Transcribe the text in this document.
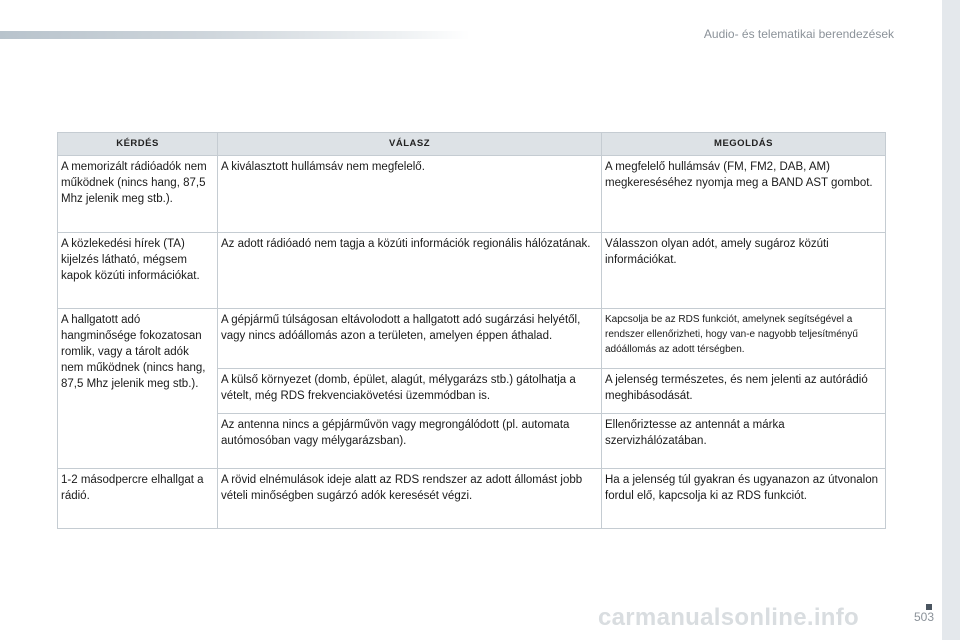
Audio- és telematikai berendezések
KÉRDÉS	VÁLASZ	MEGOLDÁS
A memorizált rádióadók nem működnek (nincs hang, 87,5 Mhz jelenik meg stb.).	A kiválasztott hullámsáv nem megfelelő.	A megfelelő hullámsáv (FM, FM2, DAB, AM) megkereséséhez nyomja meg a BAND AST gombot.
A közlekedési hírek (TA) kijelzés látható, mégsem kapok közúti információkat.	Az adott rádióadó nem tagja a közúti információk regionális hálózatának.	Válasszon olyan adót, amely sugároz közúti információkat.
A hallgatott adó hangminősége fokozatosan romlik, vagy a tárolt adók nem működnek (nincs hang, 87,5 Mhz jelenik meg stb.).	A gépjármű túlságosan eltávolodott a hallgatott adó sugárzási helyétől, vagy nincs adóállomás azon a területen, amelyen éppen áthalad.	Kapcsolja be az RDS funkciót, amelynek segítségével a rendszer ellenőrizheti, hogy van-e nagyobb teljesítményű adóállomás az adott térségben.
	A külső környezet (domb, épület, alagút, mélygarázs stb.) gátolhatja a vételt, még RDS frekvenciakövetési üzemmódban is.	A jelenség természetes, és nem jelenti az autórádió meghibásodását.
	Az antenna nincs a gépjárművön vagy megrongálódott (pl. automata autómosóban vagy mélygarázsban).	Ellenőriztesse az antennát a márka szervizhálózatában.
1-2 másodpercre elhallgat a rádió.	A rövid elnémulások ideje alatt az RDS rendszer az adott állomást jobb vételi minőségben sugárzó adók keresését végzi.	Ha a jelenség túl gyakran és ugyanazon az útvonalon fordul elő, kapcsolja ki az RDS funkciót.
503
carmanualsonline.info
